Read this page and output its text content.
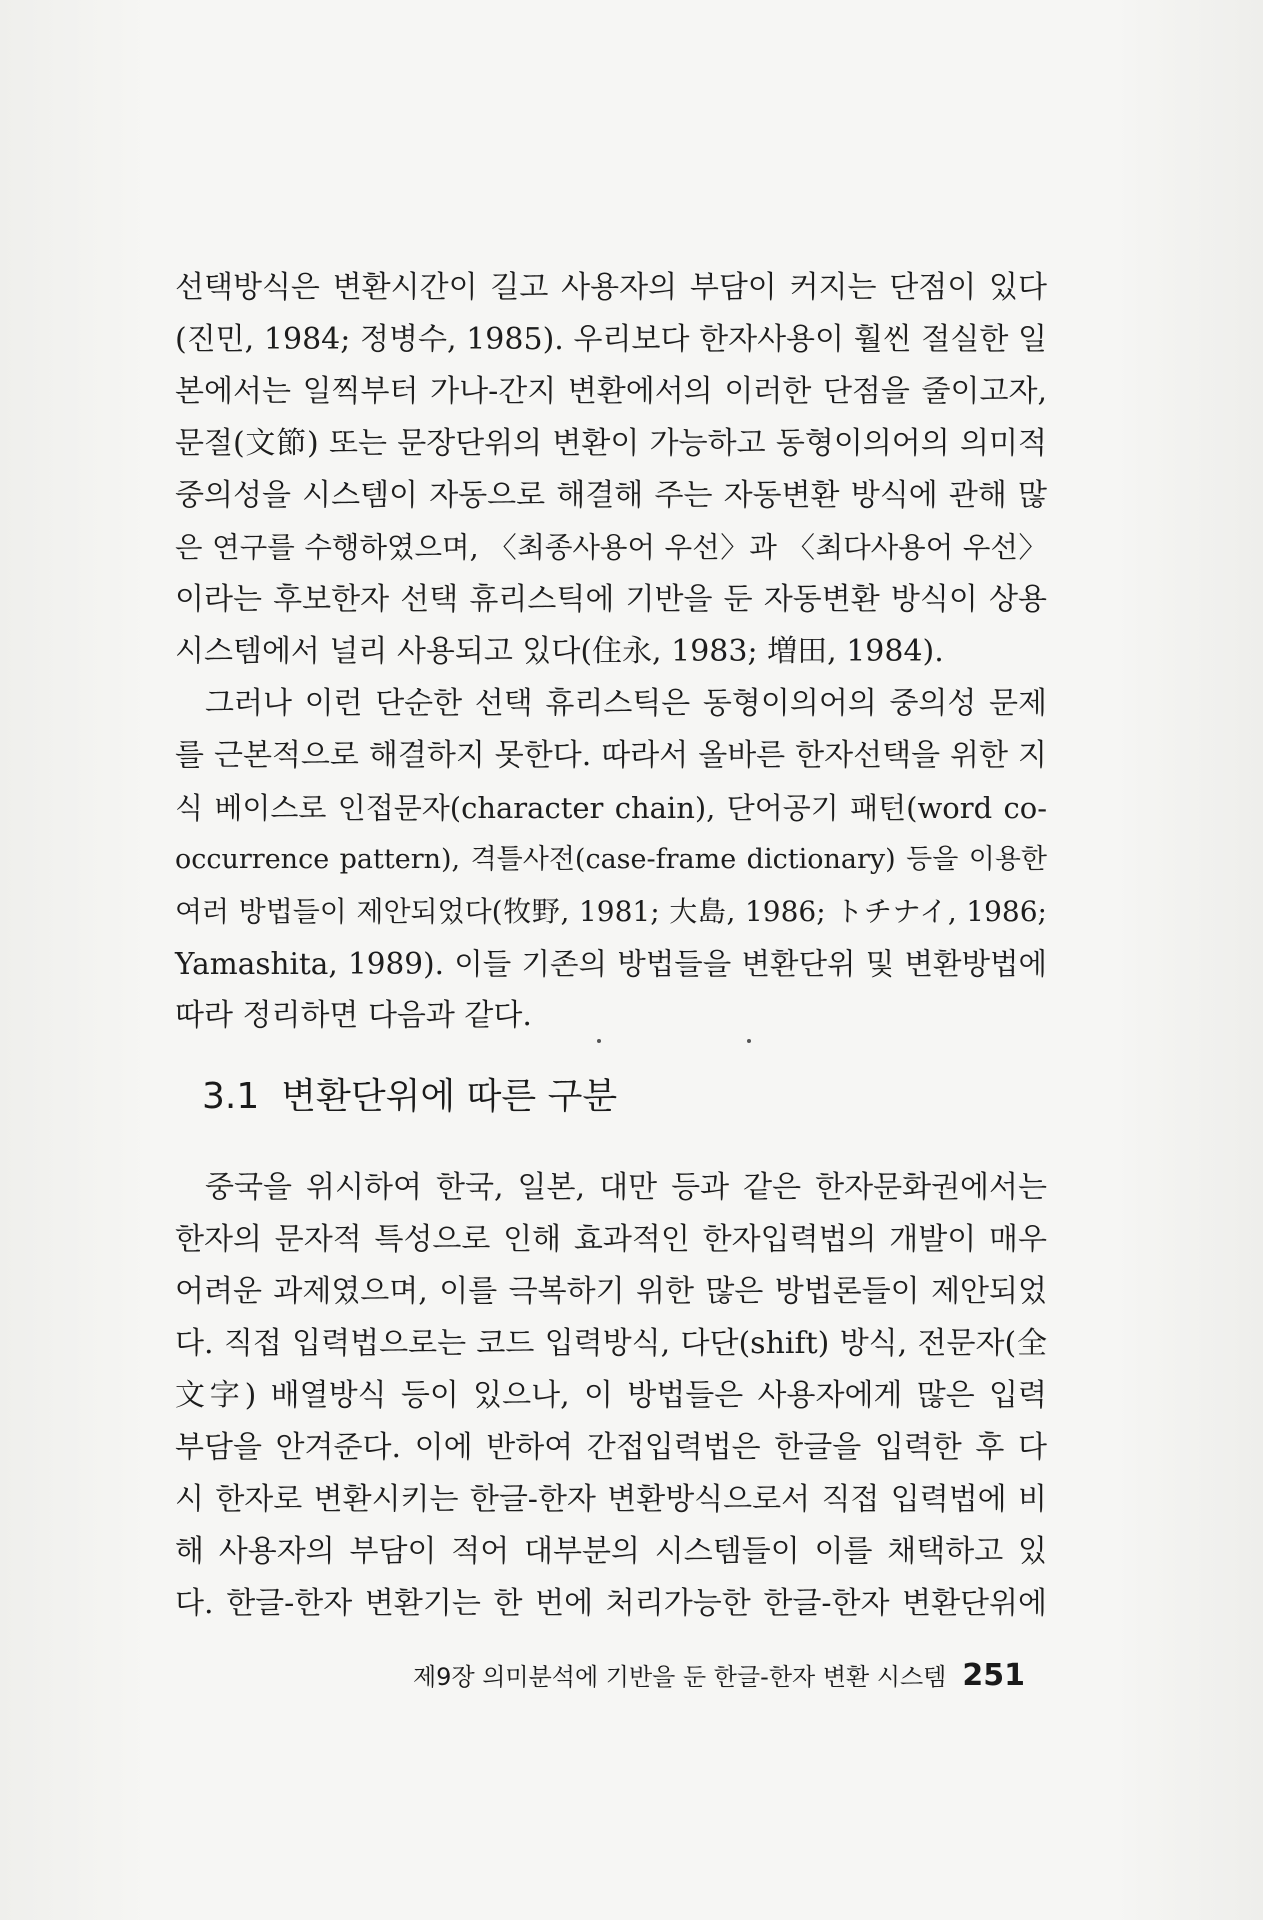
선택방식은 변환시간이 길고 사용자의 부담이 커지는 단점이 있다
(진민, 1984; 정병수, 1985). 우리보다 한자사용이 훨씬 절실한 일
본에서는 일찍부터 가나-간지 변환에서의 이러한 단점을 줄이고자,
문절(文節) 또는 문장단위의 변환이 가능하고 동형이의어의 의미적
중의성을 시스템이 자동으로 해결해 주는 자동변환 방식에 관해 많
은 연구를 수행하였으며, 〈최종사용어 우선〉과 〈최다사용어 우선〉
이라는 후보한자 선택 휴리스틱에 기반을 둔 자동변환 방식이 상용
시스템에서 널리 사용되고 있다(住永, 1983; 増田, 1984).
그러나 이런 단순한 선택 휴리스틱은 동형이의어의 중의성 문제
를 근본적으로 해결하지 못한다. 따라서 올바른 한자선택을 위한 지
식 베이스로 인접문자(character chain), 단어공기 패턴(word co-
occurrence pattern), 격틀사전(case-frame dictionary) 등을 이용한
여러 방법들이 제안되었다(牧野, 1981; 大島, 1986; トチナイ, 1986;
Yamashita, 1989). 이들 기존의 방법들을 변환단위 및 변환방법에
따라 정리하면 다음과 같다.
3.1 변환단위에 따른 구분
중국을 위시하여 한국, 일본, 대만 등과 같은 한자문화권에서는
한자의 문자적 특성으로 인해 효과적인 한자입력법의 개발이 매우
어려운 과제였으며, 이를 극복하기 위한 많은 방법론들이 제안되었
다. 직접 입력법으로는 코드 입력방식, 다단(shift) 방식, 전문자(全
文字) 배열방식 등이 있으나, 이 방법들은 사용자에게 많은 입력
부담을 안겨준다. 이에 반하여 간접입력법은 한글을 입력한 후 다
시 한자로 변환시키는 한글-한자 변환방식으로서 직접 입력법에 비
해 사용자의 부담이 적어 대부분의 시스템들이 이를 채택하고 있
다. 한글-한자 변환기는 한 번에 처리가능한 한글-한자 변환단위에
제9장 의미분석에 기반을 둔 한글-한자 변환 시스템 251
